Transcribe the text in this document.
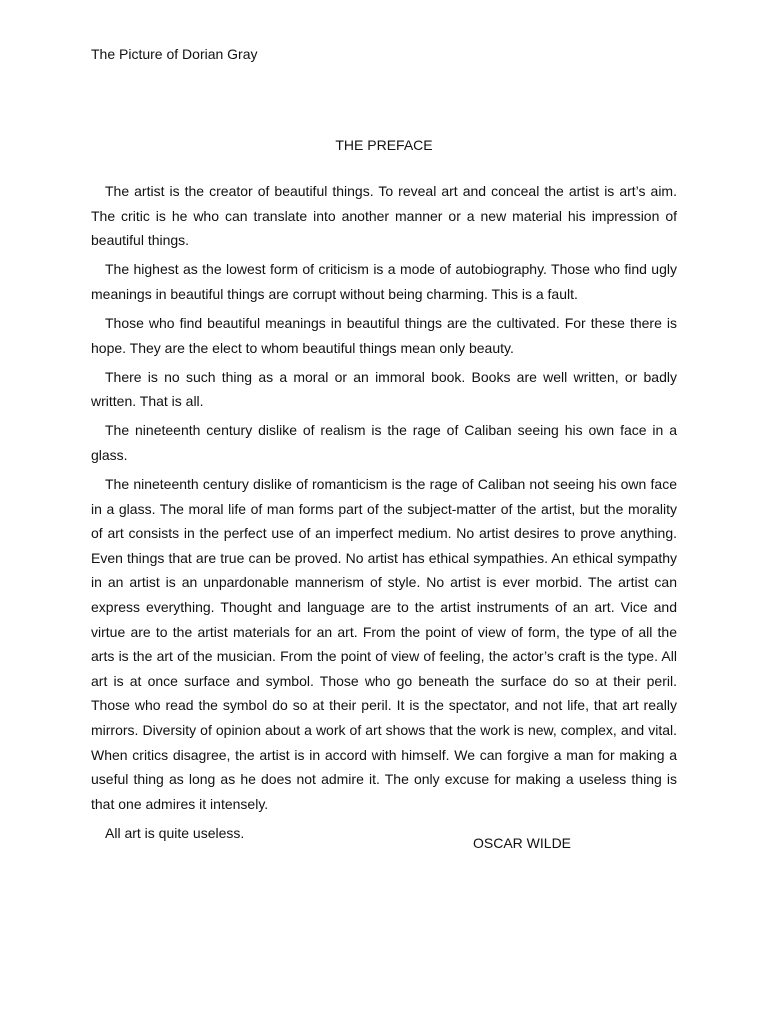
The Picture of Dorian Gray
THE PREFACE

The artist is the creator of beautiful things. To reveal art and conceal the artist is art’s aim. The critic is he who can translate into another manner or a new material his impression of beautiful things.

The highest as the lowest form of criticism is a mode of autobiography. Those who find ugly meanings in beautiful things are corrupt without being charming. This is a fault.

Those who find beautiful meanings in beautiful things are the cultivated. For these there is hope. They are the elect to whom beautiful things mean only beauty.

There is no such thing as a moral or an immoral book. Books are well written, or badly written. That is all.

The nineteenth century dislike of realism is the rage of Caliban seeing his own face in a glass.

The nineteenth century dislike of romanticism is the rage of Caliban not seeing his own face in a glass. The moral life of man forms part of the subject-matter of the artist, but the morality of art consists in the perfect use of an imperfect medium. No artist desires to prove anything. Even things that are true can be proved. No artist has ethical sympathies. An ethical sympathy in an artist is an unpardonable mannerism of style. No artist is ever morbid. The artist can express everything. Thought and language are to the artist instruments of an art. Vice and virtue are to the artist materials for an art. From the point of view of form, the type of all the arts is the art of the musician. From the point of view of feeling, the actor’s craft is the type. All art is at once surface and symbol. Those who go beneath the surface do so at their peril. Those who read the symbol do so at their peril. It is the spectator, and not life, that art really mirrors. Diversity of opinion about a work of art shows that the work is new, complex, and vital. When critics disagree, the artist is in accord with himself. We can forgive a man for making a useful thing as long as he does not admire it. The only excuse for making a useless thing is that one admires it intensely.

All art is quite useless.

OSCAR WILDE
